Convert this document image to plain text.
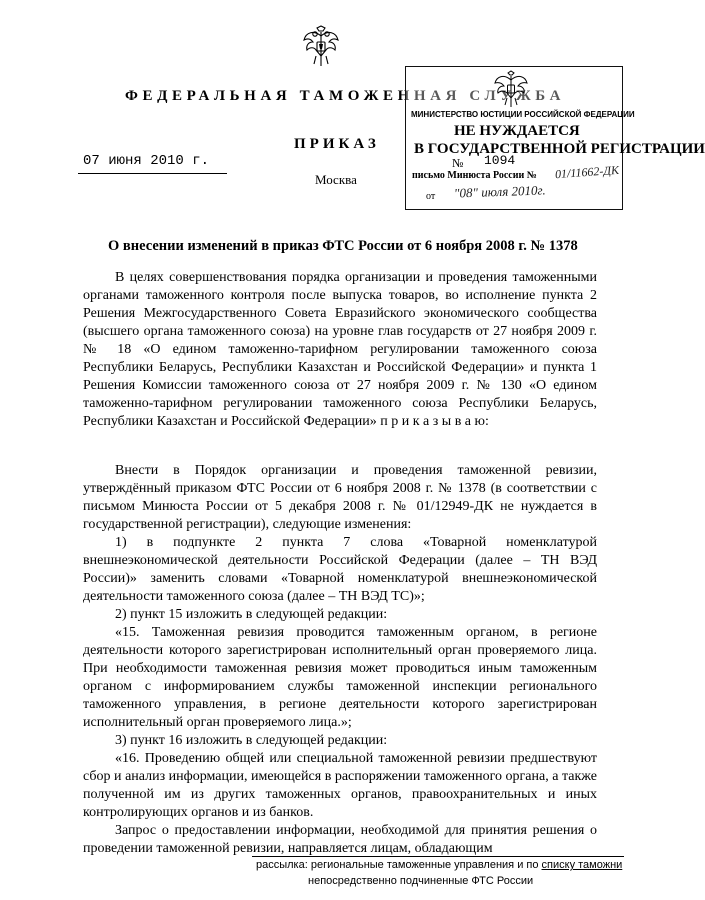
ФЕДЕРАЛЬНАЯ ТАМОЖЕННАЯ СЛУЖБА
ПРИКАЗ
07 июня 2010 г.
Москва
МИНИСТЕРСТВО ЮСТИЦИИ РОССИЙСКОЙ ФЕДЕРАЦИИ
НЕ НУЖДАЕТСЯ
В ГОСУДАРСТВЕННОЙ РЕГИСТРАЦИИ
№ 1094
письмо Минюста России № 01/11662-ДК
от "08" июля 2010г.
О внесении изменений в приказ ФТС России от 6 ноября 2008 г. № 1378

В целях совершенствования порядка организации и проведения таможенными органами таможенного контроля после выпуска товаров, во исполнение пункта 2 Решения Межгосударственного Совета Евразийского экономического сообщества (высшего органа таможенного союза) на уровне глав государств от 27 ноября 2009 г. № 18 «О едином таможенно-тарифном регулировании таможенного союза Республики Беларусь, Республики Казахстан и Российской Федерации» и пункта 1 Решения Комиссии таможенного союза от 27 ноября 2009 г. № 130 «О едином таможенно-тарифном регулировании таможенного союза Республики Беларусь, Республики Казахстан и Российской Федерации» п р и к а з ы в а ю:

Внести в Порядок организации и проведения таможенной ревизии, утверждённый приказом ФТС России от 6 ноября 2008 г. № 1378 (в соответствии с письмом Минюста России от 5 декабря 2008 г. № 01/12949-ДК не нуждается в государственной регистрации), следующие изменения:

1) в подпункте 2 пункта 7 слова «Товарной номенклатурой внешнеэкономической деятельности Российской Федерации (далее – ТН ВЭД России)» заменить словами «Товарной номенклатурой внешнеэкономической деятельности таможенного союза (далее – ТН ВЭД ТС)»;

2) пункт 15 изложить в следующей редакции:

«15. Таможенная ревизия проводится таможенным органом, в регионе деятельности которого зарегистрирован исполнительный орган проверяемого лица. При необходимости таможенная ревизия может проводиться иным таможенным органом с информированием службы таможенной инспекции регионального таможенного управления, в регионе деятельности которого зарегистрирован исполнительный орган проверяемого лица.»;

3) пункт 16 изложить в следующей редакции:

«16. Проведению общей или специальной таможенной ревизии предшествуют сбор и анализ информации, имеющейся в распоряжении таможенного органа, а также полученной им из других таможенных органов, правоохранительных и иных контролирующих органов и из банков.

Запрос о предоставлении информации, необходимой для принятия решения о проведении таможенной ревизии, направляется лицам, обладающим

рассылка: региональные таможенные управления и по списку таможни
непосредственно подчиненные ФТС России
